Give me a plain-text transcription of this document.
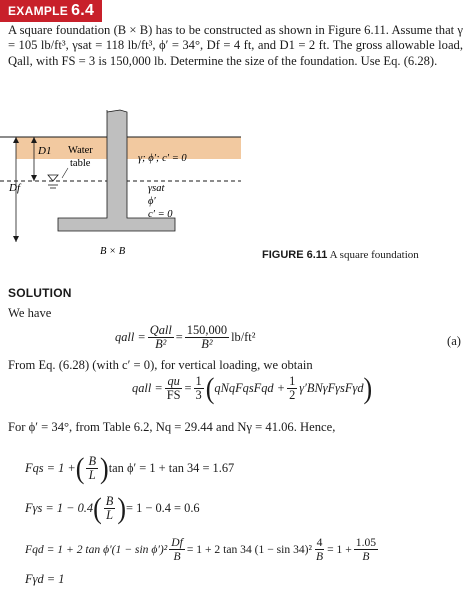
EXAMPLE 6.4
A square foundation (B × B) has to be constructed as shown in Figure 6.11. Assume that γ = 105 lb/ft³, γsat = 118 lb/ft³, ϕ′ = 34°, Df = 4 ft, and D1 = 2 ft. The gross allowable load, Qall, with FS = 3 is 150,000 lb. Determine the size of the foundation. Use Eq. (6.28).
D1
Df
Water
table	γ; ϕ′; c′ = 0
γsat
ϕ′
c′ = 0
B × B	FIGURE 6.11 A square foundation
SOLUTION
We have
qall = $\frac{\text{Qall}}{\text{B²}} = \frac{150,000}{\text{B²}} lb/ft^2$	(a)
From Eq. (6.28) (with c′ = 0), for vertical loading, we obtain
qall = $\frac{qu}{FS} = \frac{1}{3}$ ( qNqFqsFqd + $\frac{1}{2} \gamma'BN\gamma F\gamma sF\gamma d$ )
For ϕ′ = 34°, from Table 6.2, Nq = 29.44 and Nγ = 41.06. Hence,
Fqs = 1 + ( $\frac{B}{L}$ ) tan ϕ′ = 1 + tan 34 = 1.67
Fγs = 1 − 0.4 ( $\frac{B}{L}$ ) = 1 − 0.4 = 0.6
Fqd = 1 + 2 $\tan \phi'(1 - \sin \phi')^2 \frac{Df}{B} = 1 + 2$ tan 34 $(1 - \sin 34)^2 \frac{4}{B} = 1 + \frac{1.05}{B}$
Fγd = 1
